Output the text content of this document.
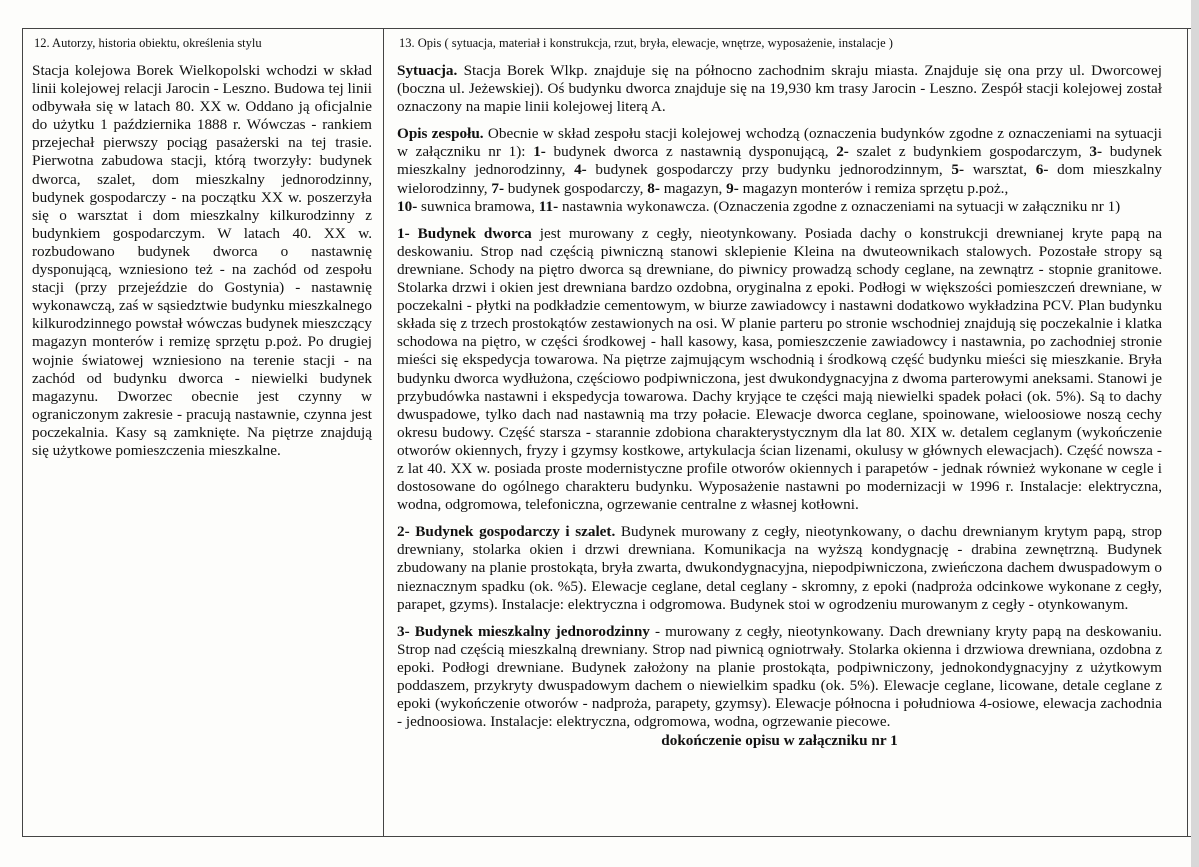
12. Autorzy, historia obiektu, określenia stylu	13. Opis ( sytuacja, materiał i konstrukcja, rzut, bryła, elewacje, wnętrze, wyposażenie, instalacje )

Stacja kolejowa Borek Wielkopolski wchodzi w skład linii kolejowej relacji Jarocin - Leszno. Budowa tej linii odbywała się w latach 80. XX w. Oddano ją oficjalnie do użytku 1 października 1888 r. Wówczas - rankiem przejechał pierwszy pociąg pasażerski na tej trasie. Pierwotna zabudowa stacji, którą tworzyły: budynek dworca, szalet, dom mieszkalny jednorodzinny, budynek gospodarczy - na początku XX w. poszerzyła się o warsztat i dom mieszkalny kilkurodzinny z budynkiem gospodarczym. W latach 40. XX w. rozbudowano budynek dworca o nastawnię dysponującą, wzniesiono też - na zachód od zespołu stacji (przy przejeździe do Gostynia) - nastawnię wykonawczą, zaś w sąsiedztwie budynku mieszkalnego kilkurodzinnego powstał wówczas budynek mieszczący magazyn monterów i remizę sprzętu p.poż. Po drugiej wojnie światowej wzniesiono na terenie stacji - na zachód od budynku dworca - niewielki budynek magazynu. Dworzec obecnie jest czynny w ograniczonym zakresie - pracują nastawnie, czynna jest poczekalnia. Kasy są zamknięte. Na piętrze znajdują się użytkowe pomieszczenia mieszkalne.

Sytuacja. Stacja Borek Wlkp. znajduje się na północno zachodnim skraju miasta. Znajduje się ona przy ul. Dworcowej (boczna ul. Jeżewskiej). Oś budynku dworca znajduje się na 19,930 km trasy Jarocin - Leszno. Zespół stacji kolejowej został oznaczony na mapie linii kolejowej literą A.

Opis zespołu. Obecnie w skład zespołu stacji kolejowej wchodzą (oznaczenia budynków zgodne z oznaczeniami na sytuacji w załączniku nr 1): 1- budynek dworca z nastawnią dysponującą, 2- szalet z budynkiem gospodarczym, 3- budynek mieszkalny jednorodzinny, 4- budynek gospodarczy przy budynku jednorodzinnym, 5- warsztat, 6- dom mieszkalny wielorodzinny, 7- budynek gospodarczy, 8- magazyn, 9- magazyn monterów i remiza sprzętu p.poż.,
10- suwnica bramowa, 11- nastawnia wykonawcza. (Oznaczenia zgodne z oznaczeniami na sytuacji w załączniku nr 1)

1- Budynek dworca jest murowany z cegły, nieotynkowany. Posiada dachy o konstrukcji drewnianej kryte papą na deskowaniu. Strop nad częścią piwniczną stanowi sklepienie Kleina na dwuteownikach stalowych. Pozostałe stropy są drewniane. Schody na piętro dworca są drewniane, do piwnicy prowadzą schody ceglane, na zewnątrz - stopnie granitowe. Stolarka drzwi i okien jest drewniana bardzo ozdobna, oryginalna z epoki. Podłogi w większości pomieszczeń drewniane, w poczekalni - płytki na podkładzie cementowym, w biurze zawiadowcy i nastawni dodatkowo wykładzina PCV. Plan budynku składa się z trzech prostokątów zestawionych na osi. W planie parteru po stronie wschodniej znajdują się poczekalnie i klatka schodowa na piętro, w części środkowej - hall kasowy, kasa, pomieszczenie zawiadowcy i nastawnia, po zachodniej stronie mieści się ekspedycja towarowa. Na piętrze zajmującym wschodnią i środkową część budynku mieści się mieszkanie. Bryła budynku dworca wydłużona, częściowo podpiwniczona, jest dwukondygnacyjna z dwoma parterowymi aneksami. Stanowi je przybudówka nastawni i ekspedycja towarowa. Dachy kryjące te części mają niewielki spadek połaci (ok. 5%). Są to dachy dwuspadowe, tylko dach nad nastawnią ma trzy połacie. Elewacje dworca ceglane, spoinowane, wieloosiowe noszą cechy okresu budowy. Część starsza - starannie zdobiona charakterystycznym dla lat 80. XIX w. detalem ceglanym (wykończenie otworów okiennych, fryzy i gzymsy kostkowe, artykulacja ścian lizenami, okulusy w głównych elewacjach). Część nowsza - z lat 40. XX w. posiada proste modernistyczne profile otworów okiennych i parapetów - jednak również wykonane w cegle i dostosowane do ogólnego charakteru budynku. Wyposażenie nastawni po modernizacji w 1996 r. Instalacje: elektryczna, wodna, odgromowa, telefoniczna, ogrzewanie centralne z własnej kotłowni.

2- Budynek gospodarczy i szalet. Budynek murowany z cegły, nieotynkowany, o dachu drewnianym krytym papą, strop drewniany, stolarka okien i drzwi drewniana. Komunikacja na wyższą kondygnację - drabina zewnętrzną. Budynek zbudowany na planie prostokąta, bryła zwarta, dwukondygnacyjna, niepodpiwniczona, zwieńczona dachem dwuspadowym o nieznacznym spadku (ok. %5). Elewacje ceglane, detal ceglany - skromny, z epoki (nadproża odcinkowe wykonane z cegły, parapet, gzyms). Instalacje: elektryczna i odgromowa. Budynek stoi w ogrodzeniu murowanym z cegły - otynkowanym.

3- Budynek mieszkalny jednorodzinny - murowany z cegły, nieotynkowany. Dach drewniany kryty papą na deskowaniu. Strop nad częścią mieszkalną drewniany. Strop nad piwnicą ogniotrwały. Stolarka okienna i drzwiowa drewniana, ozdobna z epoki. Podłogi drewniane. Budynek założony na planie prostokąta, podpiwniczony, jednokondygnacyjny z użytkowym poddaszem, przykryty dwuspadowym dachem o niewielkim spadku (ok. 5%). Elewacje ceglane, licowane, detale ceglane z epoki (wykończenie otworów - nadproża, parapety, gzymsy). Elewacje północna i południowa 4-osiowe, elewacja zachodnia - jednoosiowa. Instalacje: elektryczna, odgromowa, wodna, ogrzewanie piecowe.

dokończenie opisu w załączniku nr 1
